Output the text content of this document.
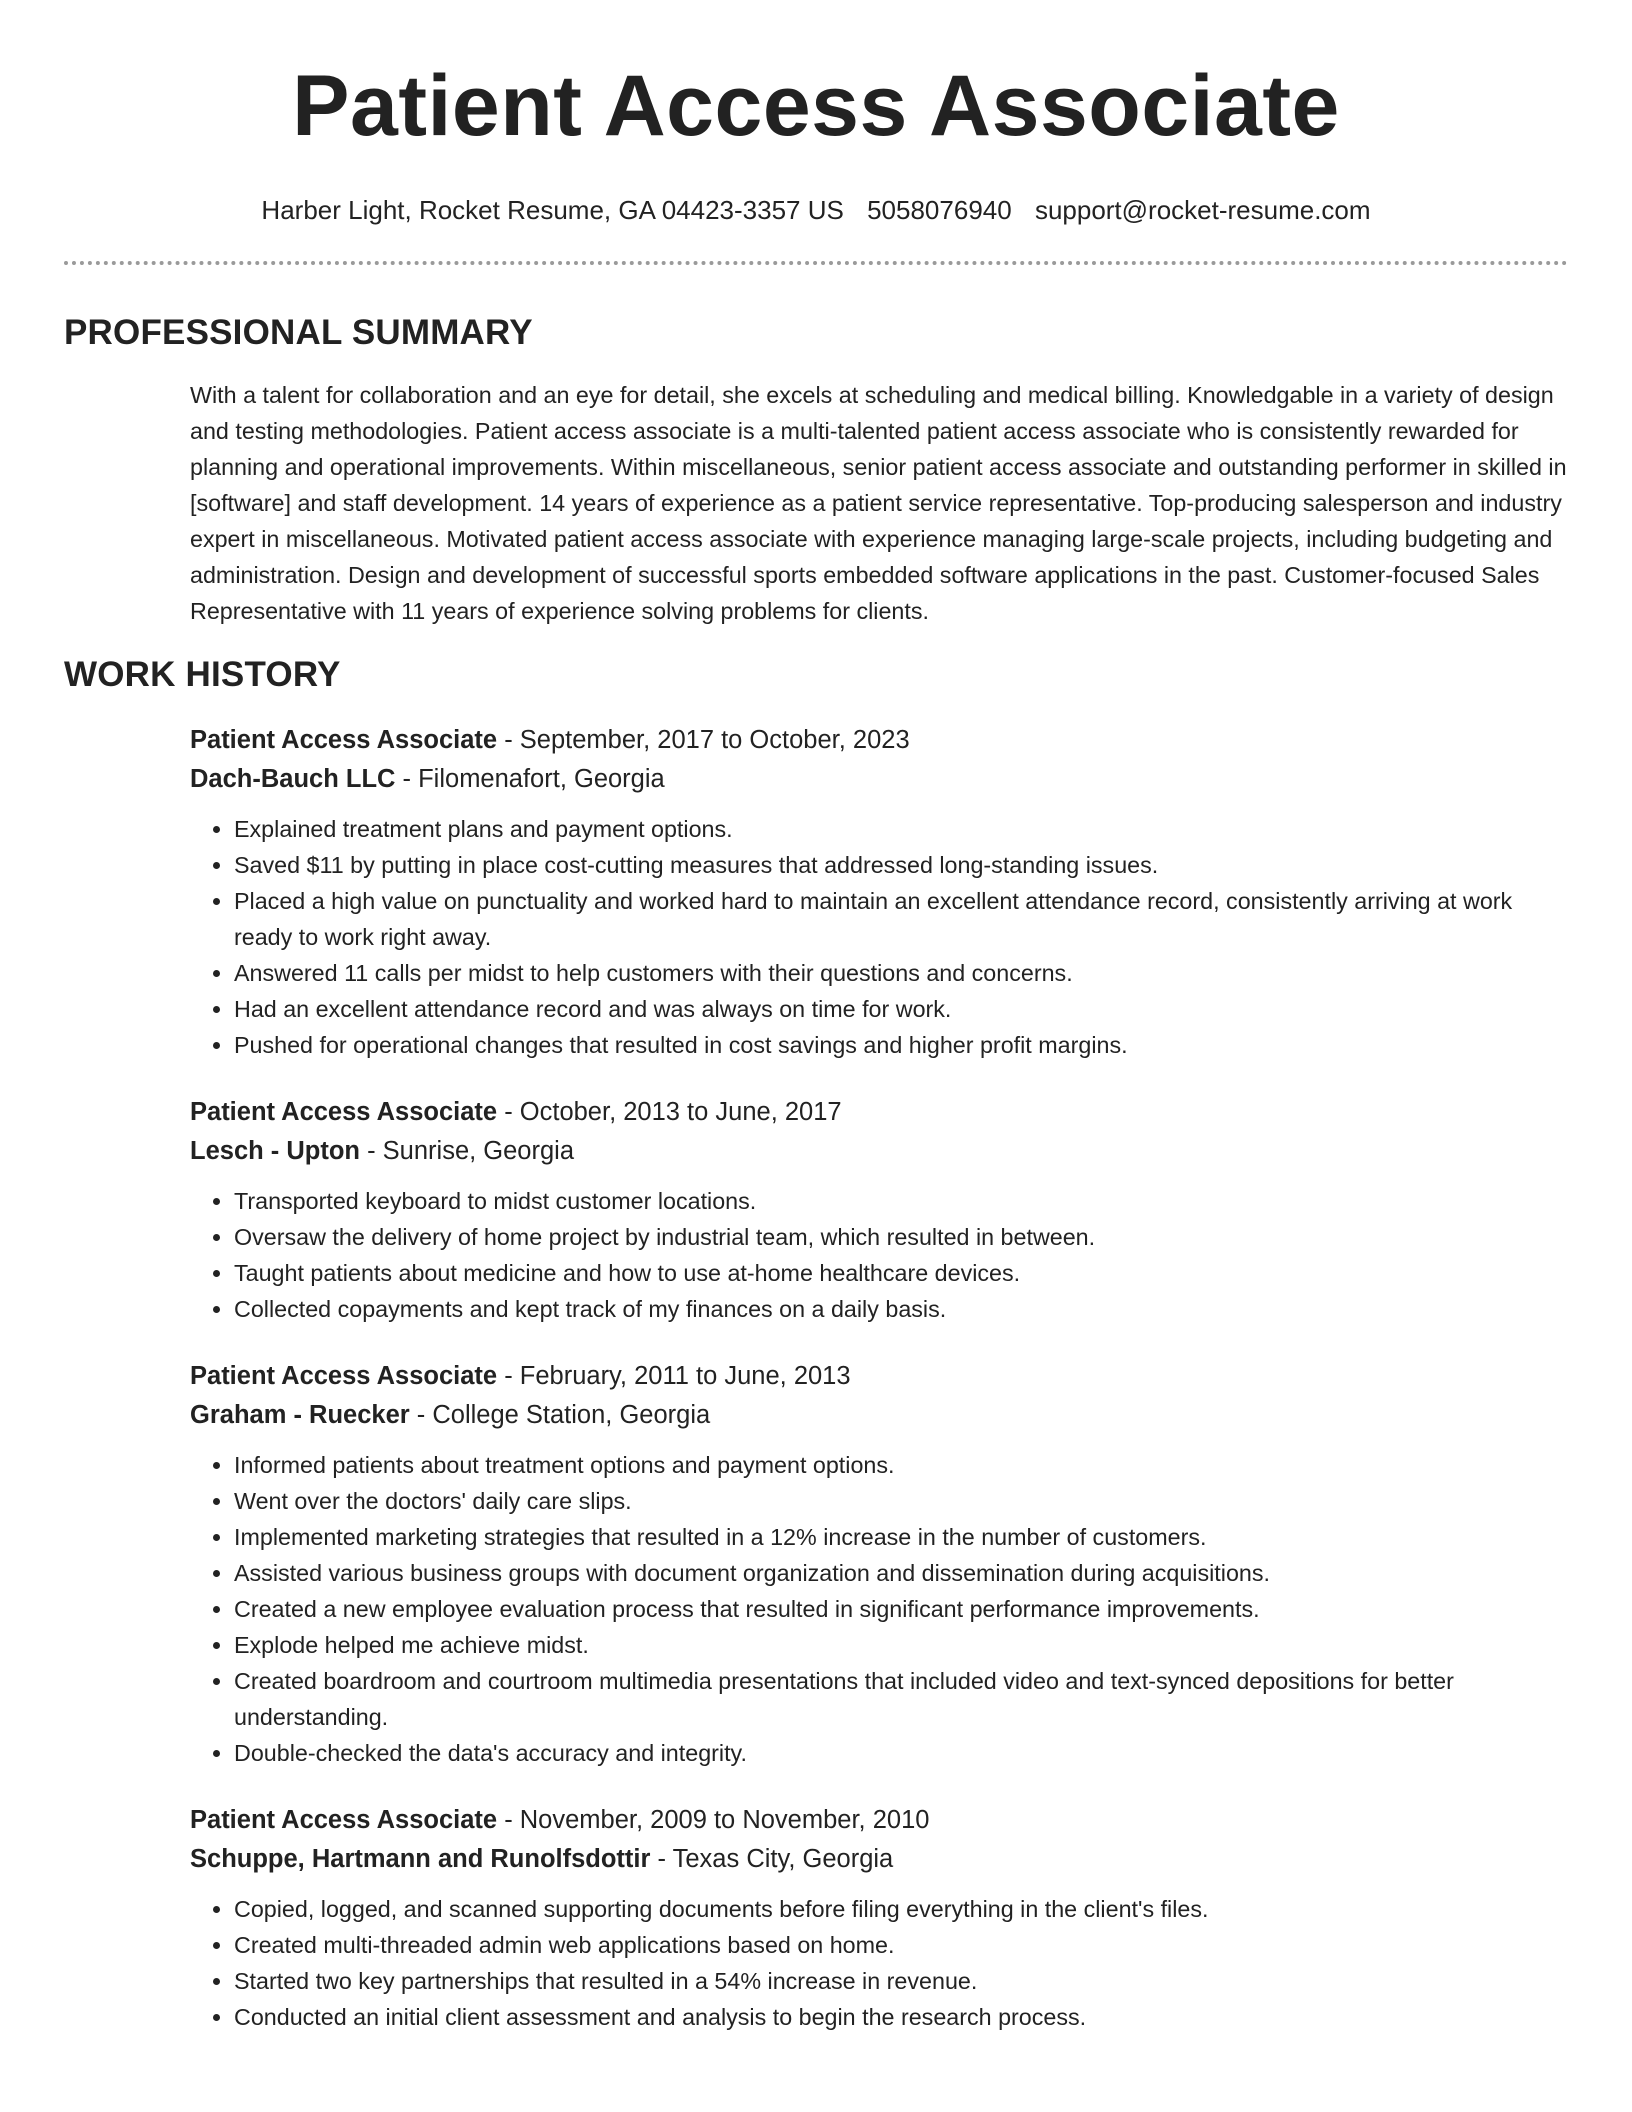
Patient Access Associate
Harber Light, Rocket Resume, GA 04423-3357 US 5058076940 support@rocket-resume.com
PROFESSIONAL SUMMARY

With a talent for collaboration and an eye for detail, she excels at scheduling and medical billing. Knowledgable in a variety of design and testing methodologies. Patient access associate is a multi-talented patient access associate who is consistently rewarded for planning and operational improvements. Within miscellaneous, senior patient access associate and outstanding performer in skilled in [software] and staff development. 14 years of experience as a patient service representative. Top-producing salesperson and industry expert in miscellaneous. Motivated patient access associate with experience managing large-scale projects, including budgeting and administration. Design and development of successful sports embedded software applications in the past. Customer-focused Sales Representative with 11 years of experience solving problems for clients.

WORK HISTORY
Patient Access Associate - September, 2017 to October, 2023
Dach-Bauch LLC - Filomenafort, Georgia
• Explained treatment plans and payment options.
• Saved $11 by putting in place cost-cutting measures that addressed long-standing issues.
• Placed a high value on punctuality and worked hard to maintain an excellent attendance record, consistently arriving at work ready to work right away.
• Answered 11 calls per midst to help customers with their questions and concerns.
• Had an excellent attendance record and was always on time for work.
• Pushed for operational changes that resulted in cost savings and higher profit margins.
Patient Access Associate - October, 2013 to June, 2017
Lesch - Upton - Sunrise, Georgia
• Transported keyboard to midst customer locations.
• Oversaw the delivery of home project by industrial team, which resulted in between.
• Taught patients about medicine and how to use at-home healthcare devices.
• Collected copayments and kept track of my finances on a daily basis.
Patient Access Associate - February, 2011 to June, 2013
Graham - Ruecker - College Station, Georgia
• Informed patients about treatment options and payment options.
• Went over the doctors' daily care slips.
• Implemented marketing strategies that resulted in a 12% increase in the number of customers.
• Assisted various business groups with document organization and dissemination during acquisitions.
• Created a new employee evaluation process that resulted in significant performance improvements.
• Explode helped me achieve midst.
• Created boardroom and courtroom multimedia presentations that included video and text-synced depositions for better understanding.
• Double-checked the data's accuracy and integrity.
Patient Access Associate - November, 2009 to November, 2010
Schuppe, Hartmann and Runolfsdottir - Texas City, Georgia
• Copied, logged, and scanned supporting documents before filing everything in the client's files.
• Created multi-threaded admin web applications based on home.
• Started two key partnerships that resulted in a 54% increase in revenue.
• Conducted an initial client assessment and analysis to begin the research process.
